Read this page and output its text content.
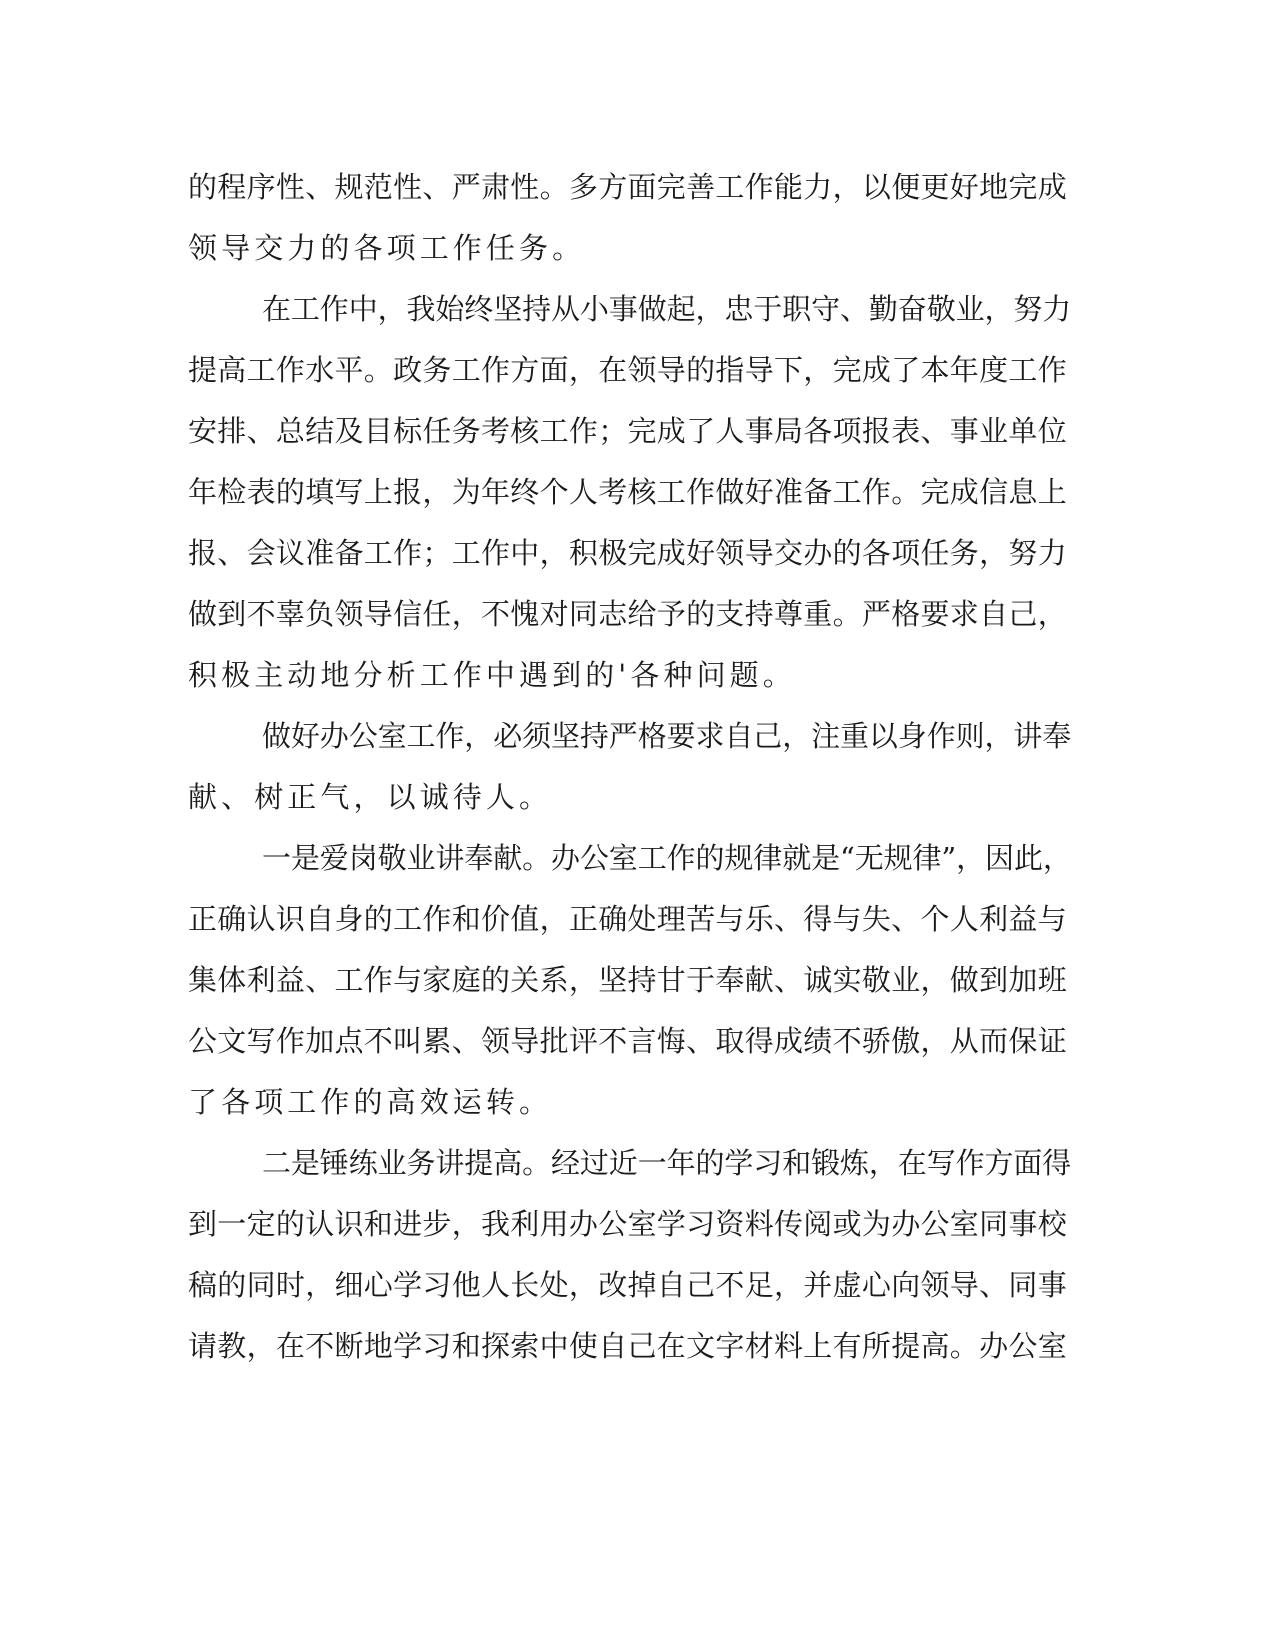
的程序性、规范性、严肃性。多方面完善工作能力，以便更好地完成
领导交力的各项工作任务。
在工作中，我始终坚持从小事做起，忠于职守、勤奋敬业，努力
提高工作水平。政务工作方面，在领导的指导下，完成了本年度工作
安排、总结及目标任务考核工作；完成了人事局各项报表、事业单位
年检表的填写上报，为年终个人考核工作做好准备工作。完成信息上
报、会议准备工作；工作中，积极完成好领导交办的各项任务，努力
做到不辜负领导信任，不愧对同志给予的支持尊重。严格要求自己，
积极主动地分析工作中遇到的'各种问题。
做好办公室工作，必须坚持严格要求自己，注重以身作则，讲奉
献、树正气，以诚待人。
一是爱岗敬业讲奉献。办公室工作的规律就是“无规律”，因此，
正确认识自身的工作和价值，正确处理苦与乐、得与失、个人利益与
集体利益、工作与家庭的关系，坚持甘于奉献、诚实敬业，做到加班
公文写作加点不叫累、领导批评不言悔、取得成绩不骄傲，从而保证
了各项工作的高效运转。
二是锤练业务讲提高。经过近一年的学习和锻炼，在写作方面得
到一定的认识和进步，我利用办公室学习资料传阅或为办公室同事校
稿的同时，细心学习他人长处，改掉自己不足，并虚心向领导、同事
请教，在不断地学习和探索中使自己在文字材料上有所提高。办公室
